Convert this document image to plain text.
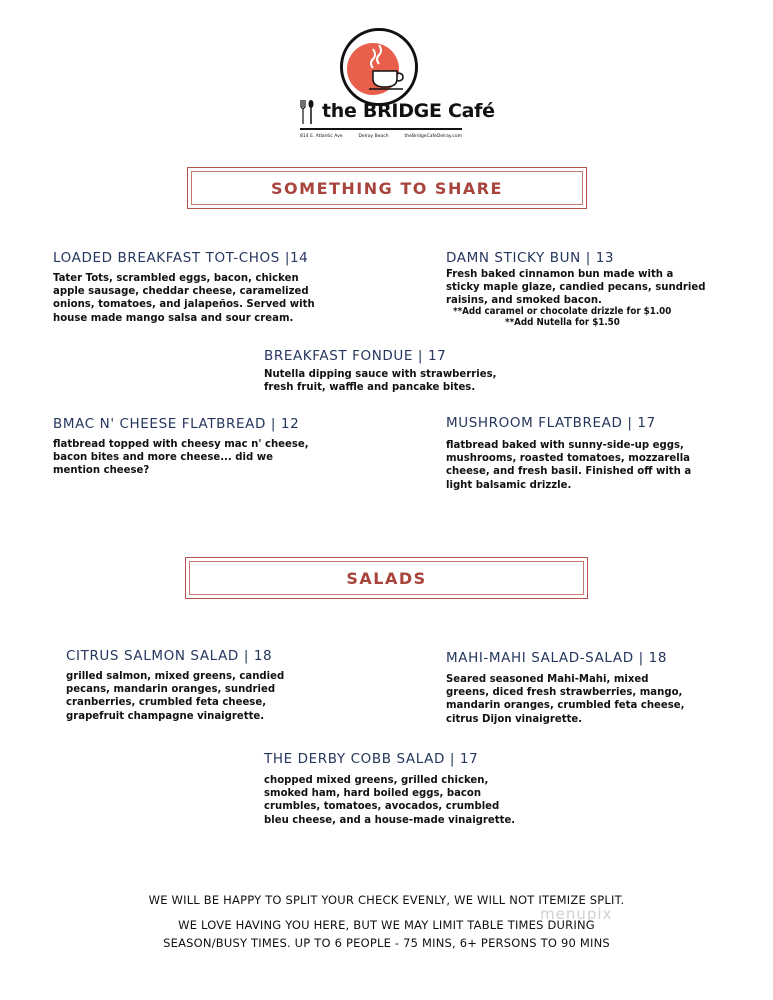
the BRIDGE Café
814 E. Atlantic Ave	Delray Beach	theBridgeCafeDelray.com
SOMETHING TO SHARE
LOADED BREAKFAST TOT-CHOS |14
Tater Tots, scrambled eggs, bacon, chicken
apple sausage, cheddar cheese, caramelized
onions, tomatoes, and jalapeños. Served with
house made mango salsa and sour cream.
DAMN STICKY BUN | 13
Fresh baked cinnamon bun made with a
sticky maple glaze, candied pecans, sundried
raisins, and smoked bacon.
**Add caramel or chocolate drizzle for $1.00
**Add Nutella for $1.50
BREAKFAST FONDUE | 17
Nutella dipping sauce with strawberries,
fresh fruit, waffle and pancake bites.
BMAC N' CHEESE FLATBREAD | 12
flatbread topped with cheesy mac n' cheese,
bacon bites and more cheese... did we
mention cheese?
MUSHROOM FLATBREAD | 17
flatbread baked with sunny-side-up eggs,
mushrooms, roasted tomatoes, mozzarella
cheese, and fresh basil. Finished off with a
light balsamic drizzle.
SALADS
CITRUS SALMON SALAD | 18
grilled salmon, mixed greens, candied
pecans, mandarin oranges, sundried
cranberries, crumbled feta cheese,
grapefruit champagne vinaigrette.
MAHI-MAHI SALAD-SALAD | 18
Seared seasoned Mahi-Mahi, mixed
greens, diced fresh strawberries, mango,
mandarin oranges, crumbled feta cheese,
citrus Dijon vinaigrette.
THE DERBY COBB SALAD | 17
chopped mixed greens, grilled chicken,
smoked ham, hard boiled eggs, bacon
crumbles, tomatoes, avocados, crumbled
bleu cheese, and a house-made vinaigrette.
WE WILL BE HAPPY TO SPLIT YOUR CHECK EVENLY, WE WILL NOT ITEMIZE SPLIT.
menupix
WE LOVE HAVING YOU HERE, BUT WE MAY LIMIT TABLE TIMES DURING
SEASON/BUSY TIMES. UP TO 6 PEOPLE - 75 MINS, 6+ PERSONS TO 90 MINS
